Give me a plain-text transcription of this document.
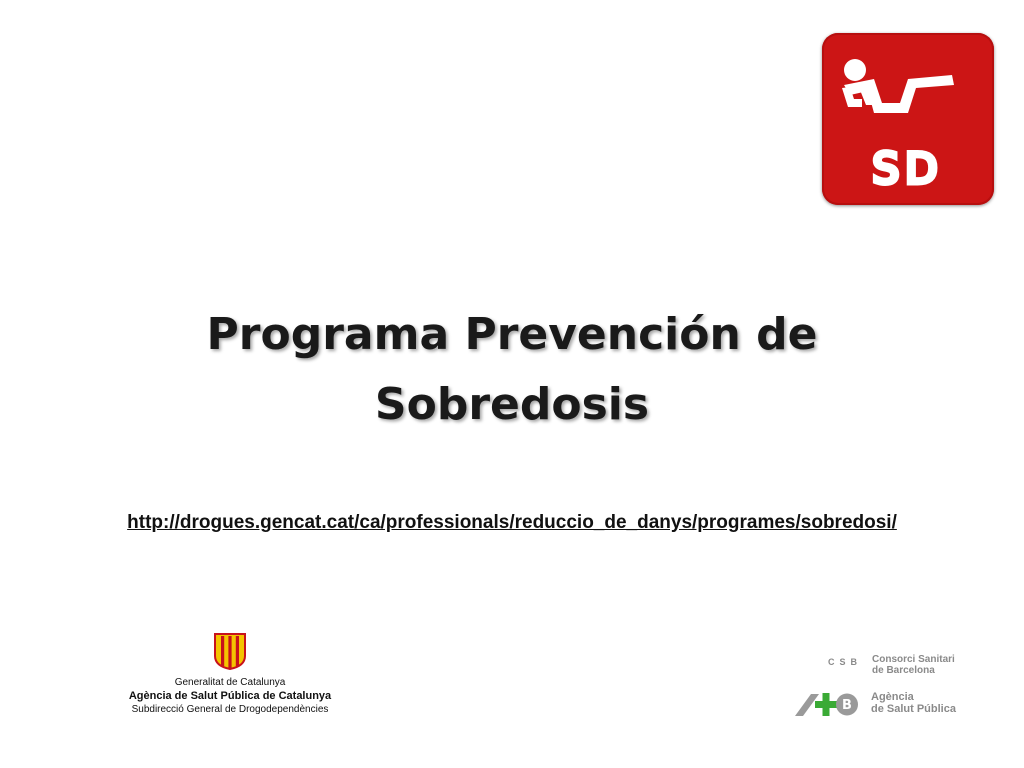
SD
Programa Prevención de
Sobredosis
http://drogues.gencat.cat/ca/professionals/reduccio_de_danys/programes/sobredosi/
Generalitat de Catalunya
Agència de Salut Pública de Catalunya
Subdirecció General de Drogodependències
CSB Consorci Sanitari
de Barcelona
B
Agència
de Salut Pública
